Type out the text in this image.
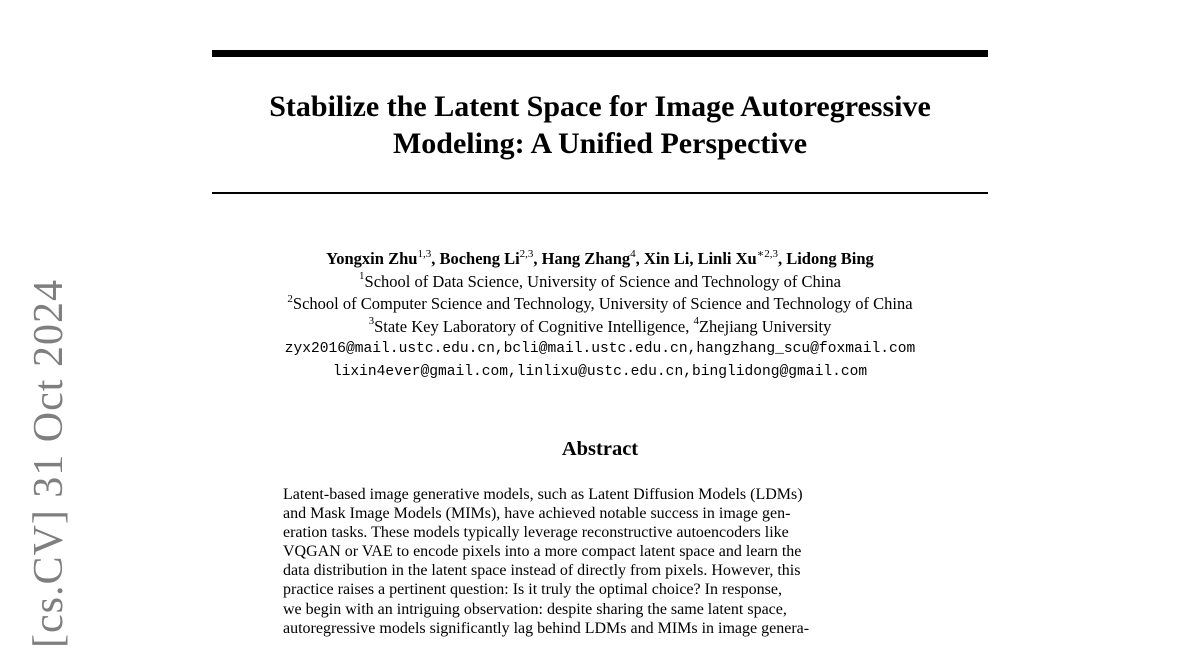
[cs.CV] 31 Oct 2024
Stabilize the Latent Space for Image Autoregressive
Modeling: A Unified Perspective
Yongxin Zhu$^{1,3}$, Bocheng Li$^{2,3}$, Hang Zhang$^4$, Xin Li, Linli Xu$^{∗2,3}$, Lidong Bing
$^1$School of Data Science, University of Science and Technology of China
$^2$School of Computer Science and Technology, University of Science and Technology of China
$^3$State Key Laboratory of Cognitive Intelligence, $^4$Zhejiang University
zyx2016@mail.ustc.edu.cn,bcli@mail.ustc.edu.cn,hangzhang_scu@foxmail.com
lixin4ever@gmail.com,linlixu@ustc.edu.cn,binglidong@gmail.com
Abstract
Latent-based image generative models, such as Latent Diffusion Models (LDMs)
and Mask Image Models (MIMs), have achieved notable success in image gen-
eration tasks. These models typically leverage reconstructive autoencoders like
VQGAN or VAE to encode pixels into a more compact latent space and learn the
data distribution in the latent space instead of directly from pixels. However, this
practice raises a pertinent question: Is it truly the optimal choice? In response,
we begin with an intriguing observation: despite sharing the same latent space,
autoregressive models significantly lag behind LDMs and MIMs in image genera-
